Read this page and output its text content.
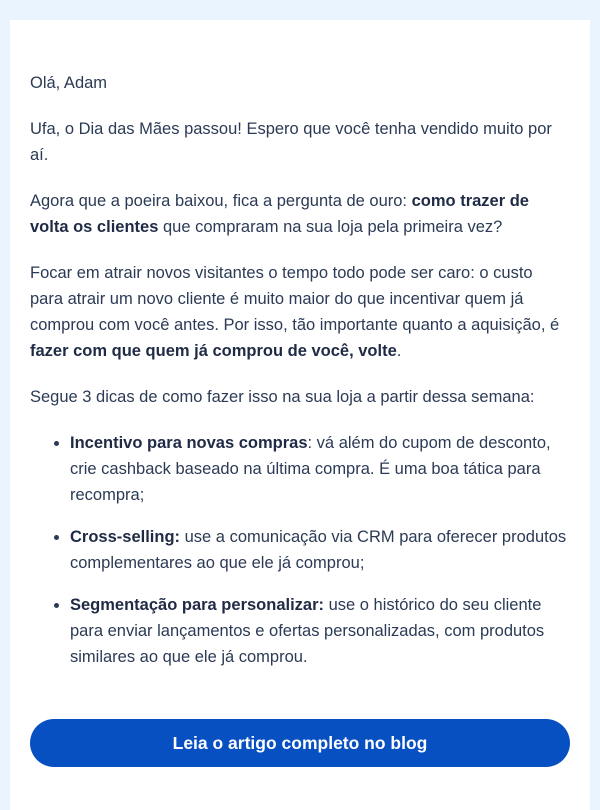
Olá, Adam

Ufa, o Dia das Mães passou! Espero que você tenha vendido muito por aí.

Agora que a poeira baixou, fica a pergunta de ouro: como trazer de volta os clientes que compraram na sua loja pela primeira vez?

Focar em atrair novos visitantes o tempo todo pode ser caro: o custo para atrair um novo cliente é muito maior do que incentivar quem já comprou com você antes. Por isso, tão importante quanto a aquisição, é fazer com que quem já comprou de você, volte.

Segue 3 dicas de como fazer isso na sua loja a partir dessa semana:

• Incentivo para novas compras: vá além do cupom de desconto, crie cashback baseado na última compra. É uma boa tática para recompra;
• Cross-selling: use a comunicação via CRM para oferecer produtos complementares ao que ele já comprou;
• Segmentação para personalizar: use o histórico do seu cliente para enviar lançamentos e ofertas personalizadas, com produtos similares ao que ele já comprou.
Leia o artigo completo no blog
